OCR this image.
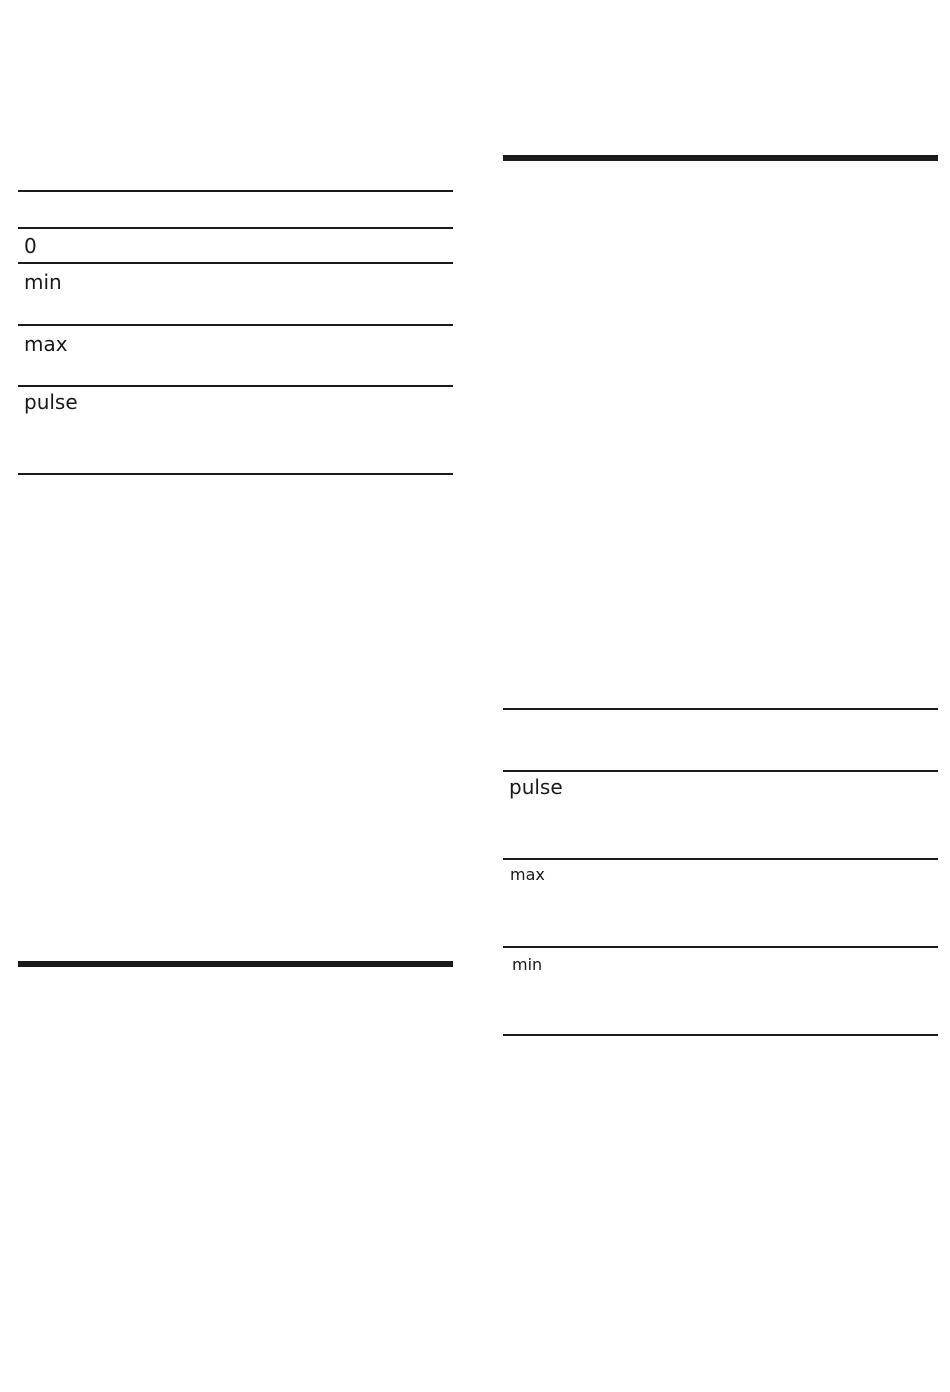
0
min
max
pulse
pulse
max
min
